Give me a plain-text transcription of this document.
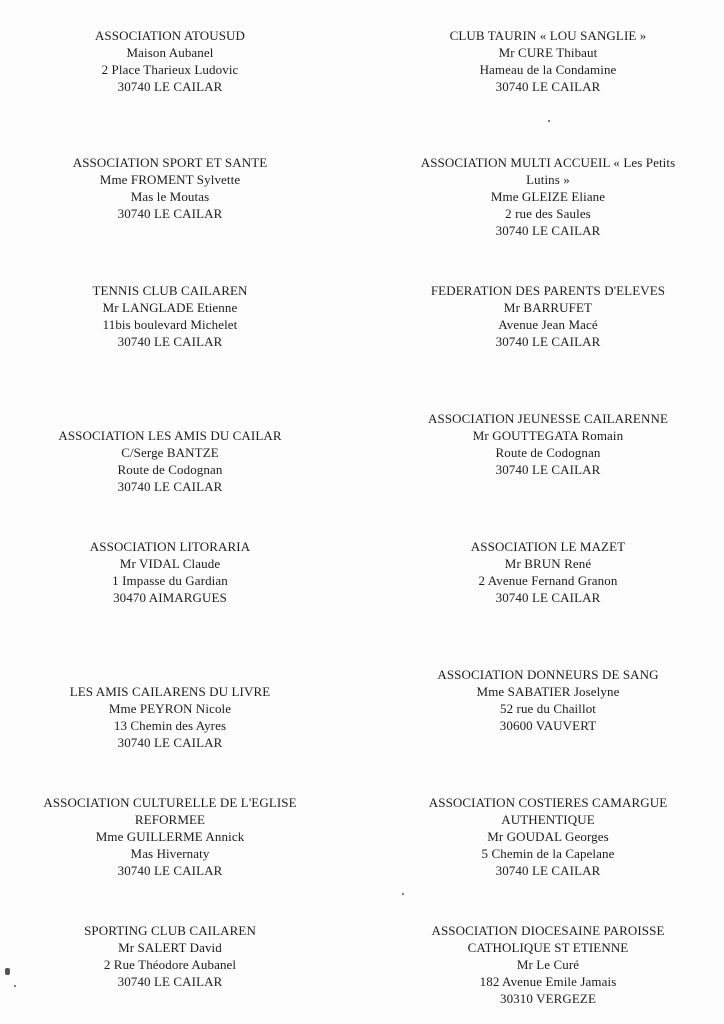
ASSOCIATION ATOUSUD
Maison Aubanel
2 Place Tharieux Ludovic
30740 LE CAILAR
ASSOCIATION SPORT ET SANTE
Mme FROMENT Sylvette
Mas le Moutas
30740 LE CAILAR
TENNIS CLUB CAILAREN
Mr LANGLADE Etienne
11bis boulevard Michelet
30740 LE CAILAR
ASSOCIATION LES AMIS DU CAILAR
C/Serge BANTZE
Route de Codognan
30740 LE CAILAR
ASSOCIATION LITORARIA
Mr VIDAL Claude
1 Impasse du Gardian
30470 AIMARGUES
LES AMIS CAILARENS DU LIVRE
Mme PEYRON Nicole
13 Chemin des Ayres
30740 LE CAILAR
ASSOCIATION CULTURELLE DE L'EGLISE
REFORMEE
Mme GUILLERME Annick
Mas Hivernaty
30740 LE CAILAR
SPORTING CLUB CAILAREN
Mr SALERT David
2 Rue Théodore Aubanel
30740 LE CAILAR
CLUB TAURIN « LOU SANGLIE »
Mr CURE Thibaut
Hameau de la Condamine
30740 LE CAILAR
ASSOCIATION MULTI ACCUEIL « Les Petits
Lutins »
Mme GLEIZE Eliane
2 rue des Saules
30740 LE CAILAR
FEDERATION DES PARENTS D'ELEVES
Mr BARRUFET
Avenue Jean Macé
30740 LE CAILAR
ASSOCIATION JEUNESSE CAILARENNE
Mr GOUTTEGATA Romain
Route de Codognan
30740 LE CAILAR
ASSOCIATION LE MAZET
Mr BRUN René
2 Avenue Fernand Granon
30740 LE CAILAR
ASSOCIATION DONNEURS DE SANG
Mme SABATIER Joselyne
52 rue du Chaillot
30600 VAUVERT
ASSOCIATION COSTIERES CAMARGUE
AUTHENTIQUE
Mr GOUDAL Georges
5 Chemin de la Capelane
30740 LE CAILAR
ASSOCIATION DIOCESAINE PAROISSE
CATHOLIQUE ST ETIENNE
Mr Le Curé
182 Avenue Emile Jamais
30310 VERGEZE
